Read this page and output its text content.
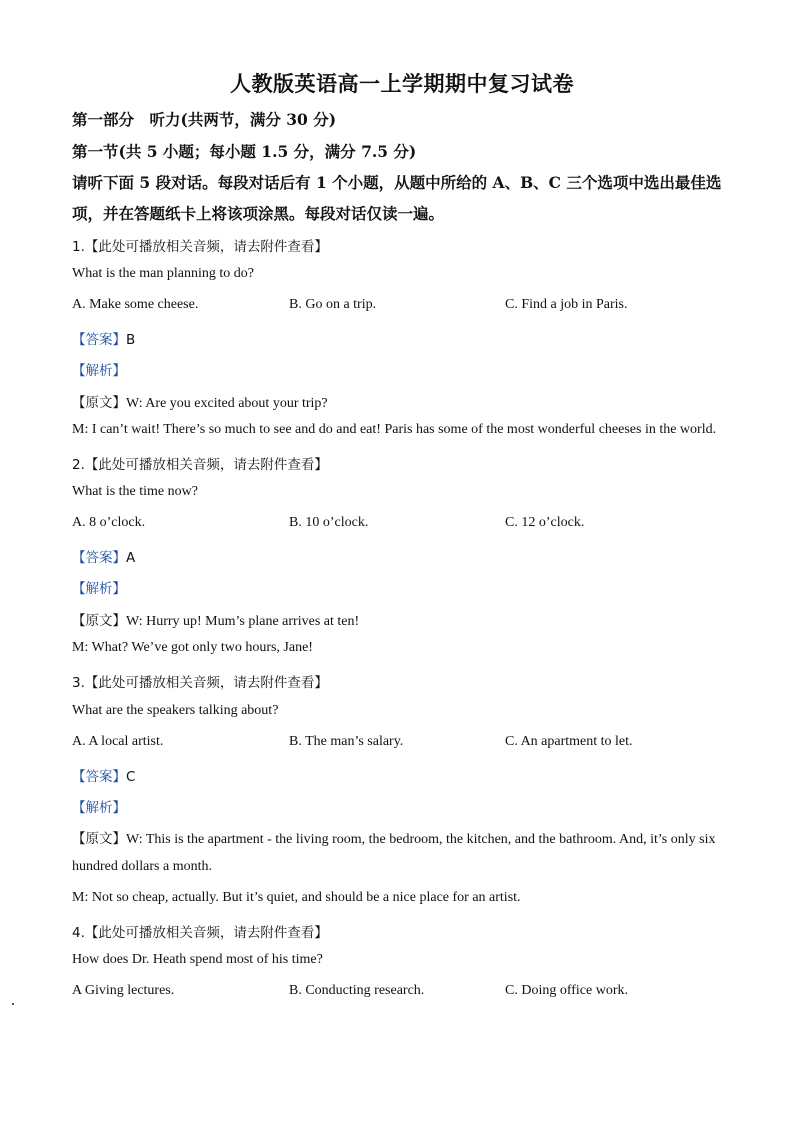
人教版英语高一上学期期中复习试卷
第一部分　听力(共两节，满分 30 分)
第一节(共 5 小题；每小题 1.5 分，满分 7.5 分)
请听下面 5 段对话。每段对话后有 1 个小题，从题中所给的 A、B、C 三个选项中选出最佳选
项，并在答题纸卡上将该项涂黑。每段对话仅读一遍。
1.【此处可播放相关音频，请去附件查看】
What is the man planning to do?
A. Make some cheese.	B. Go on a trip.	C. Find a job in Paris.
【答案】B
【解析】
【原文】W: Are you excited about your trip?
M: I can’t wait! There’s so much to see and do and eat! Paris has some of the most wonderful cheeses in the world.
2.【此处可播放相关音频，请去附件查看】
What is the time now?
A. 8 o’clock.	B. 10 o’clock.	C. 12 o’clock.
【答案】A
【解析】
【原文】W: Hurry up! Mum’s plane arrives at ten!
M: What? We’ve got only two hours, Jane!
3.【此处可播放相关音频，请去附件查看】
What are the speakers talking about?
A. A local artist.	B. The man’s salary.	C. An apartment to let.
【答案】C
【解析】
【原文】W: This is the apartment - the living room, the bedroom, the kitchen, and the bathroom. And, it’s only six
hundred dollars a month.
M: Not so cheap, actually. But it’s quiet, and should be a nice place for an artist.
4.【此处可播放相关音频，请去附件查看】
How does Dr. Heath spend most of his time?
A Giving lectures.	B. Conducting research.	C. Doing office work.
